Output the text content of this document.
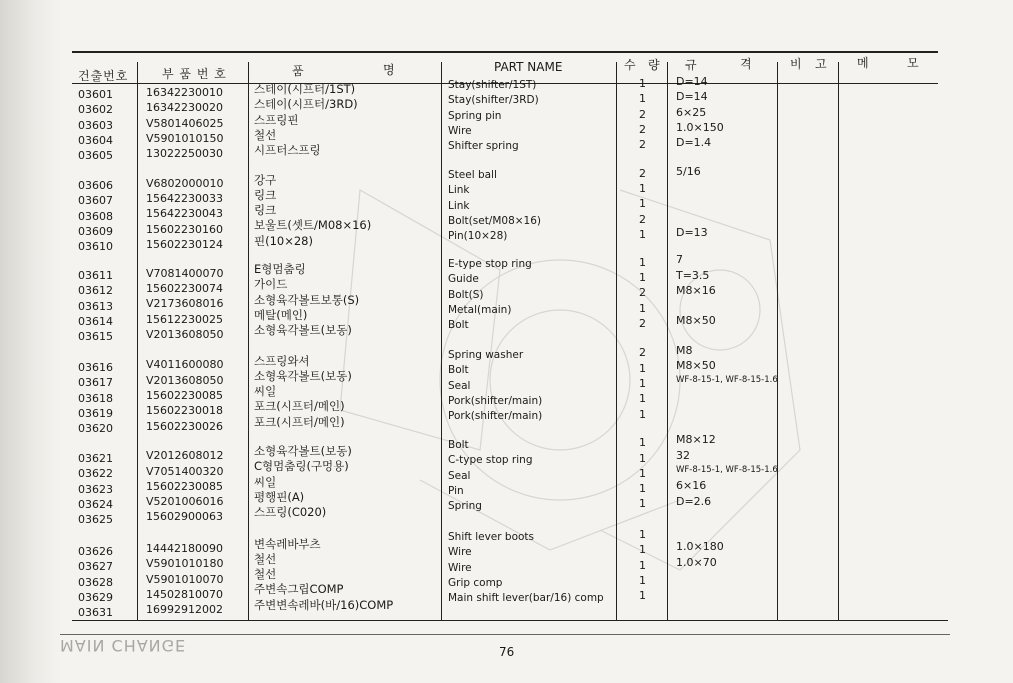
건출번호	부 품 번 호	품	명	PART NAME	수 량 규	격	비 고 메	모
03601	16342230010	스테이(시프터/1ST)	Stay(shifter/1ST)	1	D=14
03602	16342230020	스테이(시프터/3RD)	Stay(shifter/3RD)	1	D=14
03603	V5801406025	스프링핀	Spring pin	2	6×25
03604	V5901010150	철선	Wire	2	1.0×150
03605	13022250030	시프터스프링	Shifter spring	2	D=1.4
03606	V6802000010	강구	Steel ball	2	5/16
03607	15642230033	링크	Link	1
03608	15642230043	링크	Link	1
03609	15602230160	보울트(셋트/M08×16)	Bolt(set/M08×16)	2
03610	15602230124	핀(10×28)	Pin(10×28)	1	D=13
03611	V7081400070	E형멈춤링	E-type stop ring	1	7
03612	15602230074	가이드	Guide	1	T=3.5
03613	V2173608016	소형육각볼트보통(S)	Bolt(S)	2	M8×16
03614	15612230025	메탈(메인)	Metal(main)	1
03615	V2013608050	소형육각볼트(보동)	Bolt	2	M8×50
03616	V4011600080	스프링와셔	Spring washer	2	M8
03617	V2013608050	소형육각볼트(보동)	Bolt	1	M8×50
03618	15602230085	씨일	Seal	1	WF-8-15-1, WF-8-15-1.6
03619	15602230018	포크(시프터/메인)	Pork(shifter/main)	1
03620	15602230026	포크(시프터/메인)	Pork(shifter/main)	1
03621	V2012608012	소형육각볼트(보동)	Bolt	1	M8×12
03622	V7051400320	C형멈춤링(구멍용)	C-type stop ring	1	32
03623	15602230085	씨일	Seal	1	WF-8-15-1, WF-8-15-1.6
03624	V5201006016	평행핀(A)	Pin	1	6×16
03625	15602900063	스프링(C020)	Spring	1	D=2.6
03626	14442180090	변속레바부츠	Shift lever boots	1
03627	V5901010180	철선	Wire	1	1.0×180
03628	V5901010070	철선	Wire	1	1.0×70
03629	14502810070	주변속그립COMP	Grip comp	1
03631	16992912002	주변변속레바(바/16)COMP	Main shift lever(bar/16) comp	1
MAIN CHANGE	76
